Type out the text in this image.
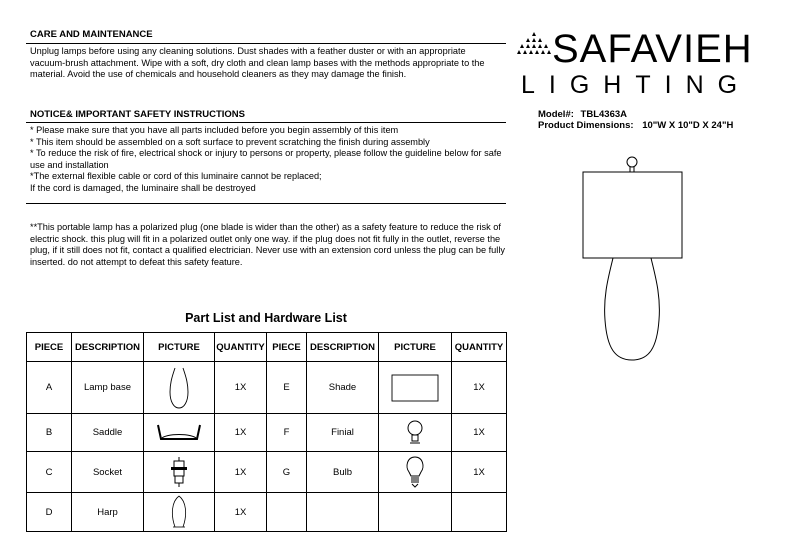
CARE AND MAINTENANCE
Unplug lamps before using any cleaning solutions. Dust shades with a feather duster or with an appropriate
vacuum-brush attachment. Wipe with a soft, dry cloth and clean lamp bases with the methods appropriate to the material. Avoid the use of chemicals and household cleaners as they may damage the finish.
NOTICE& IMPORTANT SAFETY INSTRUCTIONS
* Please make sure that you have all parts included before you begin assembly of this item
* This item should be assembled on a soft surface to prevent scratching the finish during assembly
* To reduce the risk of fire, electrical shock or injury to persons or property, please follow the guideline below for safe use and installation
*The external flexible cable or cord of this luminaire cannot be replaced;
If the cord is damaged, the luminaire shall be destroyed
**This portable lamp has a polarized plug (one blade is wider than the other) as a safety feature to reduce the risk of electric shock. this plug will fit in a polarized outlet only one way. if the plug does not fit fully in the outlet, reverse the plug, if it still does not fit, contact a qualified electrician. Never use with an extension cord unless the plug can be fully inserted. do not attempt to defeat this safety feature.
SAFAVIEH
LIGHTING
Model#: TBL4363A
Product Dimensions: 10"W X 10"D X 24"H
Part List and Hardware List
PIECE	DESCRIPTION	PICTURE	QUANTITY	PIECE	DESCRIPTION	PICTURE	QUANTITY
A	Lamp base		1X	E	Shade		1X
B	Saddle		1X	F	Finial		1X
C	Socket		1X	G	Bulb		1X
D	Harp		1X				
